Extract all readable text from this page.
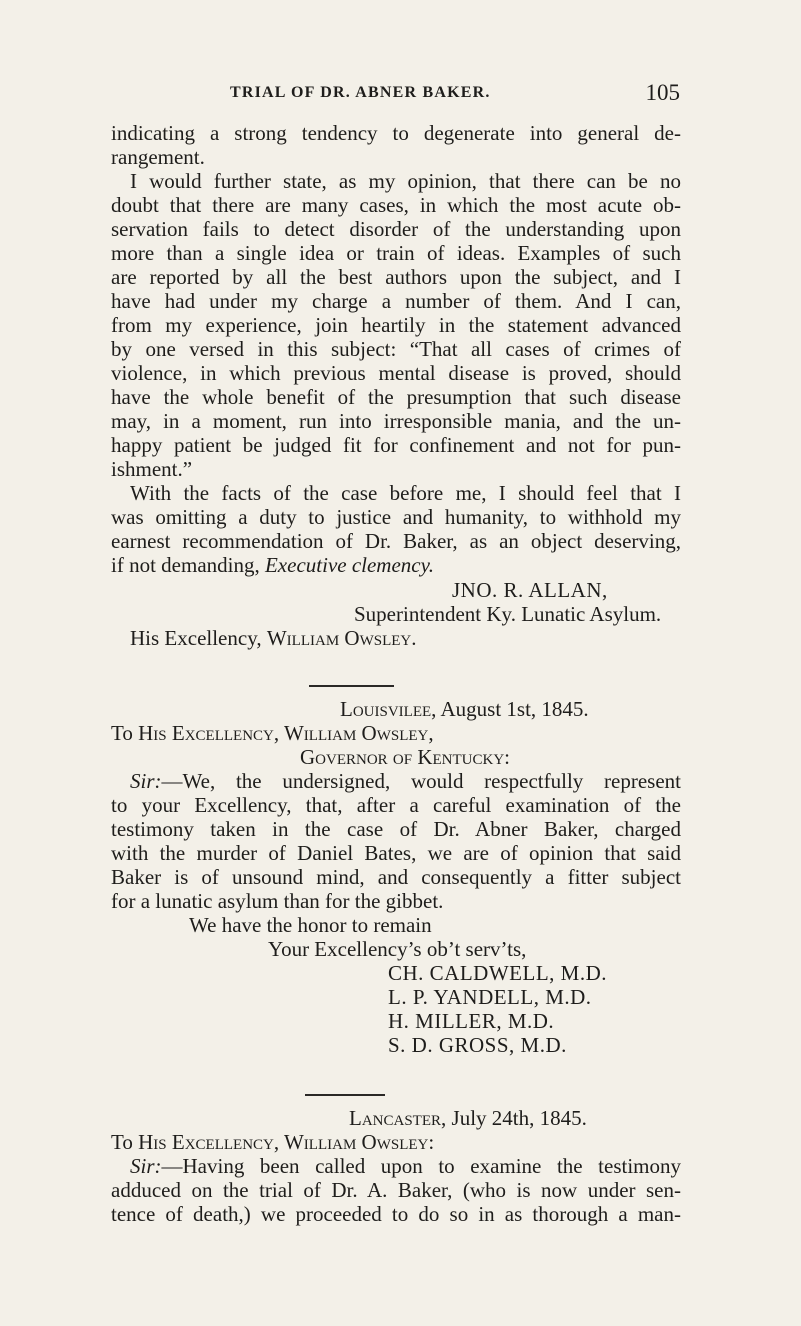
TRIAL OF DR. ABNER BAKER.	105
indicating a strong tendency to degenerate into general de-
rangement.
I would further state, as my opinion, that there can be no
doubt that there are many cases, in which the most acute ob-
servation fails to detect disorder of the understanding upon
more than a single idea or train of ideas. Examples of such
are reported by all the best authors upon the subject, and I
have had under my charge a number of them. And I can,
from my experience, join heartily in the statement advanced
by one versed in this subject: “That all cases of crimes of
violence, in which previous mental disease is proved, should
have the whole benefit of the presumption that such disease
may, in a moment, run into irresponsible mania, and the un-
happy patient be judged fit for confinement and not for pun-
ishment.”
With the facts of the case before me, I should feel that I
was omitting a duty to justice and humanity, to withhold my
earnest recommendation of Dr. Baker, as an object deserving,
if not demanding, Executive clemency.
JNO. R. ALLAN,
Superintendent Ky. Lunatic Asylum.
His Excellency, William Owsley.
Louisvilee, August 1st, 1845.
To His Excellency, William Owsley,
Governor of Kentucky:
Sir:—We, the undersigned, would respectfully represent
to your Excellency, that, after a careful examination of the
testimony taken in the case of Dr. Abner Baker, charged
with the murder of Daniel Bates, we are of opinion that said
Baker is of unsound mind, and consequently a fitter subject
for a lunatic asylum than for the gibbet.
We have the honor to remain
Your Excellency’s ob’t serv’ts,
CH. CALDWELL, M.D.
L. P. YANDELL, M.D.
H. MILLER, M.D.
S. D. GROSS, M.D.
Lancaster, July 24th, 1845.
To His Excellency, William Owsley:
Sir:—Having been called upon to examine the testimony
adduced on the trial of Dr. A. Baker, (who is now under sen-
tence of death,) we proceeded to do so in as thorough a man-
